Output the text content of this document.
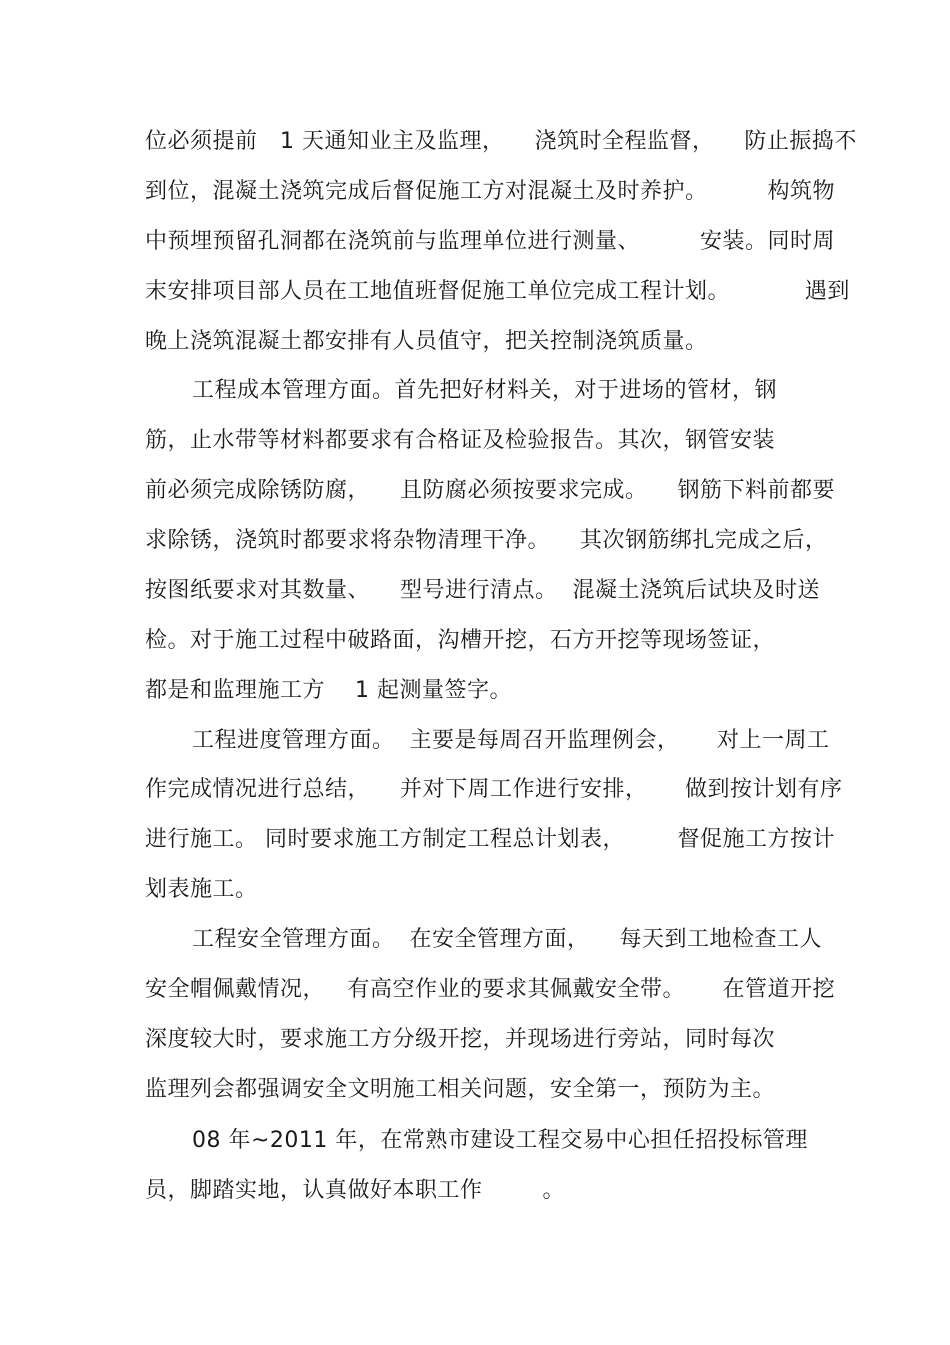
位必须提前   1 天通知业主及监理，    浇筑时全程监督，    防止振捣不
到位，混凝土浇筑完成后督促施工方对混凝土及时养护。        构筑物
中预埋预留孔洞都在浇筑前与监理单位进行测量、        安装。同时周
末安排项目部人员在工地值班督促施工单位完成工程计划。          遇到
晚上浇筑混凝土都安排有人员值守，把关控制浇筑质量。
工程成本管理方面。首先把好材料关，对于进场的管材，钢
筋，止水带等材料都要求有合格证及检验报告。其次，钢管安装
前必须完成除锈防腐，    且防腐必须按要求完成。    钢筋下料前都要
求除锈，浇筑时都要求将杂物清理干净。    其次钢筋绑扎完成之后，
按图纸要求对其数量、    型号进行清点。  混凝土浇筑后试块及时送
检。对于施工过程中破路面，沟槽开挖，石方开挖等现场签证，
都是和监理施工方    1 起测量签字。
工程进度管理方面。  主要是每周召开监理例会，     对上一周工
作完成情况进行总结，    并对下周工作进行安排，     做到按计划有序
进行施工。 同时要求施工方制定工程总计划表，       督促施工方按计
划表施工。
工程安全管理方面。  在安全管理方面，    每天到工地检查工人
安全帽佩戴情况，   有高空作业的要求其佩戴安全带。     在管道开挖
深度较大时，要求施工方分级开挖，并现场进行旁站，同时每次
监理列会都强调安全文明施工相关问题，安全第一，预防为主。
08 年~2011 年，在常熟市建设工程交易中心担任招投标管理
员，脚踏实地，认真做好本职工作        。
